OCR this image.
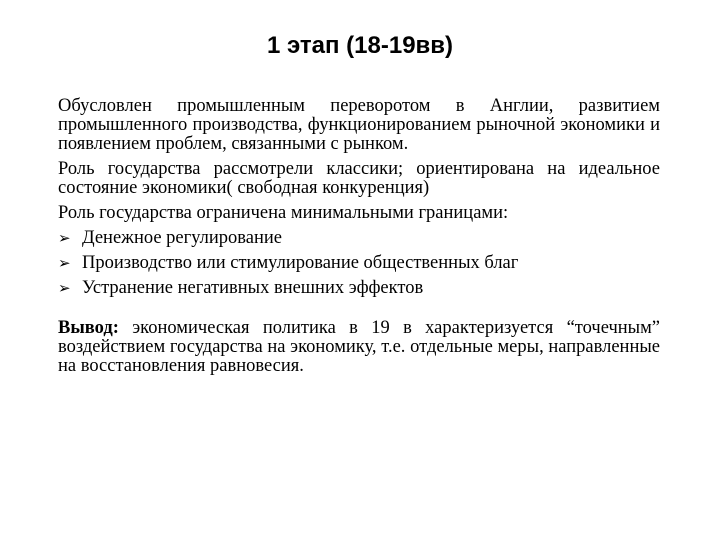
1 этап (18-19вв)

Обусловлен промышленным переворотом в Англии, развитием промышленного производства, функционированием рыночной экономики и появлением проблем, связанными с рынком.

Роль государства рассмотрели классики; ориентирована на идеальное состояние экономики( свободная конкуренция)

Роль государства ограничена минимальными границами:

➢ Денежное регулирование
➢ Производство или стимулирование общественных благ
➢ Устранение негативных внешних эффектов

Вывод: экономическая политика в 19 в характеризуется “точечным” воздействием государства на экономику, т.е. отдельные меры, направленные на восстановления равновесия.
